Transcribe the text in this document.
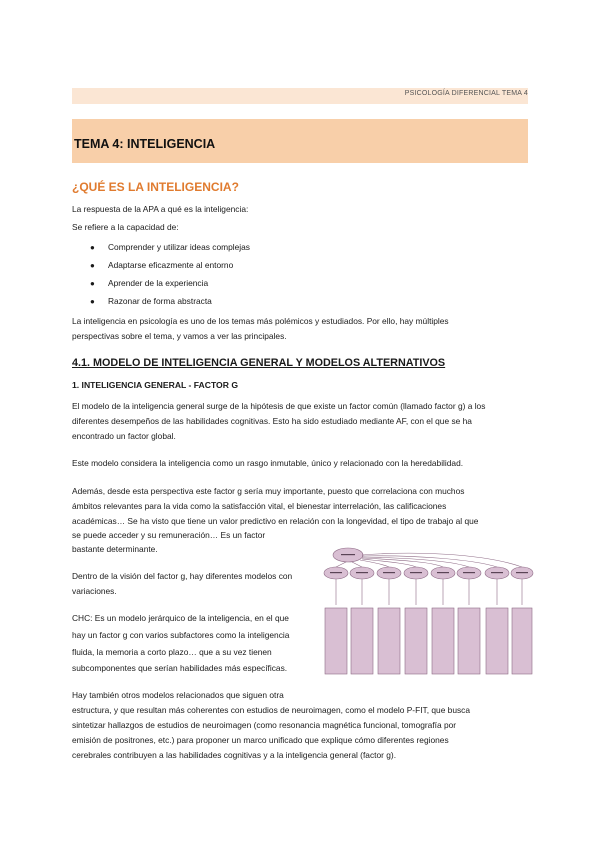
PSICOLOGÍA DIFERENCIAL TEMA 4
TEMA 4: INTELIGENCIA
¿QUÉ ES LA INTELIGENCIA?
La respuesta de la APA a qué es la inteligencia:
Se refiere a la capacidad de:
● Comprender y utilizar ideas complejas
● Adaptarse eficazmente al entorno
● Aprender de la experiencia
● Razonar de forma abstracta
La inteligencia en psicología es uno de los temas más polémicos y estudiados. Por ello, hay múltiples
perspectivas sobre el tema, y vamos a ver las principales.
4.1. MODELO DE INTELIGENCIA GENERAL Y MODELOS ALTERNATIVOS
1. INTELIGENCIA GENERAL - FACTOR G
El modelo de la inteligencia general surge de la hipótesis de que existe un factor común (llamado factor g) a los
diferentes desempeños de las habilidades cognitivas. Esto ha sido estudiado mediante AF, con el que se ha
encontrado un factor global.
Este modelo considera la inteligencia como un rasgo inmutable, único y relacionado con la heredabilidad.
Además, desde esta perspectiva este factor g sería muy importante, puesto que correlaciona con muchos
ámbitos relevantes para la vida como la satisfacción vital, el bienestar interrelación, las calificaciones
académicas… Se ha visto que tiene un valor predictivo en relación con la longevidad, el tipo de trabajo al que
se puede acceder y su remuneración… Es un factor
bastante determinante.
Dentro de la visión del factor g, hay diferentes modelos con
variaciones.
CHC: Es un modelo jerárquico de la inteligencia, en el que
hay un factor g con varios subfactores como la inteligencia
fluida, la memoria a corto plazo… que a su vez tienen
subcomponentes que serían habilidades más específicas.
Hay también otros modelos relacionados que siguen otra
estructura, y que resultan más coherentes con estudios de neuroimagen, como el modelo P-FIT, que busca
sintetizar hallazgos de estudios de neuroimagen (como resonancia magnética funcional, tomografía por
emisión de positrones, etc.) para proponer un marco unificado que explique cómo diferentes regiones
cerebrales contribuyen a las habilidades cognitivas y a la inteligencia general (factor g).
